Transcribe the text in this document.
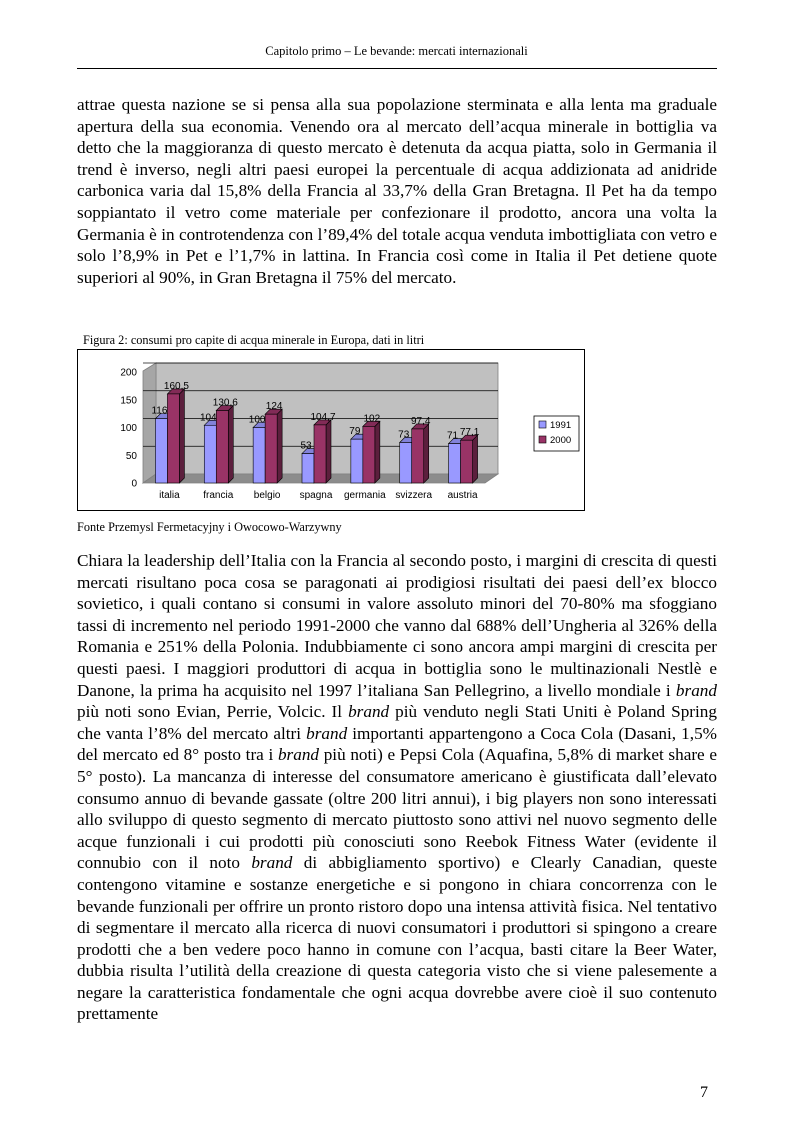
Capitolo primo – Le bevande: mercati internazionali

attrae questa nazione se si pensa alla sua popolazione sterminata e alla lenta ma graduale apertura della sua economia. Venendo ora al mercato dell’acqua minerale in bottiglia va detto che la maggioranza di questo mercato è detenuta da acqua piatta, solo in Germania il trend è inverso, negli altri paesi europei la percentuale di acqua addizionata ad anidride carbonica varia dal 15,8% della Francia al 33,7% della Gran Bretagna. Il Pet ha da tempo soppiantato il vetro come materiale per confezionare il prodotto, ancora una volta la Germania è in controtendenza con l’89,4% del totale acqua venduta imbottigliata con vetro e solo l’8,9% in Pet e l’1,7% in lattina. In Francia così come in Italia il Pet detiene quote superiori al 90%, in Gran Bretagna il 75% del mercato.

Figura 2: consumi pro capite di acqua minerale in Europa, dati in litri
0
50
100
150
200
116
160,5
italia
104
130,6
francia
100
124
belgio
53
104,7
spagna
79
102
germania
73
97,4
svizzera
71 77,1
austria
1991
2000
Fonte Przemysl Fermetacyjny i Owocowo-Warzywny

Chiara la leadership dell’Italia con la Francia al secondo posto, i margini di crescita di questi mercati risultano poca cosa se paragonati ai prodigiosi risultati dei paesi dell’ex blocco sovietico, i quali contano si consumi in valore assoluto minori del 70-80% ma sfoggiano tassi di incremento nel periodo 1991-2000 che vanno dal 688% dell’Ungheria al 326% della Romania e 251% della Polonia. Indubbiamente ci sono ancora ampi margini di crescita per questi paesi. I maggiori produttori di acqua in bottiglia sono le multinazionali Nestlè e Danone, la prima ha acquisito nel 1997 l’italiana San Pellegrino, a livello mondiale i brand più noti sono Evian, Perrie, Volcic. Il brand più venduto negli Stati Uniti è Poland Spring che vanta l’8% del mercato altri brand importanti appartengono a Coca Cola (Dasani, 1,5% del mercato ed 8° posto tra i brand più noti) e Pepsi Cola (Aquafina, 5,8% di market share e 5° posto). La mancanza di interesse del consumatore americano è giustificata dall’elevato consumo annuo di bevande gassate (oltre 200 litri annui), i big players non sono interessati allo sviluppo di questo segmento di mercato piuttosto sono attivi nel nuovo segmento delle acque funzionali i cui prodotti più conosciuti sono Reebok Fitness Water (evidente il connubio con il noto brand di abbigliamento sportivo) e Clearly Canadian, queste contengono vitamine e sostanze energetiche e si pongono in chiara concorrenza con le bevande funzionali per offrire un pronto ristoro dopo una intensa attività fisica. Nel tentativo di segmentare il mercato alla ricerca di nuovi consumatori i produttori si spingono a creare prodotti che a ben vedere poco hanno in comune con l’acqua, basti citare la Beer Water, dubbia risulta l’utilità della creazione di questa categoria visto che si viene palesemente a negare la caratteristica fondamentale che ogni acqua dovrebbe avere cioè il suo contenuto prettamente

7
